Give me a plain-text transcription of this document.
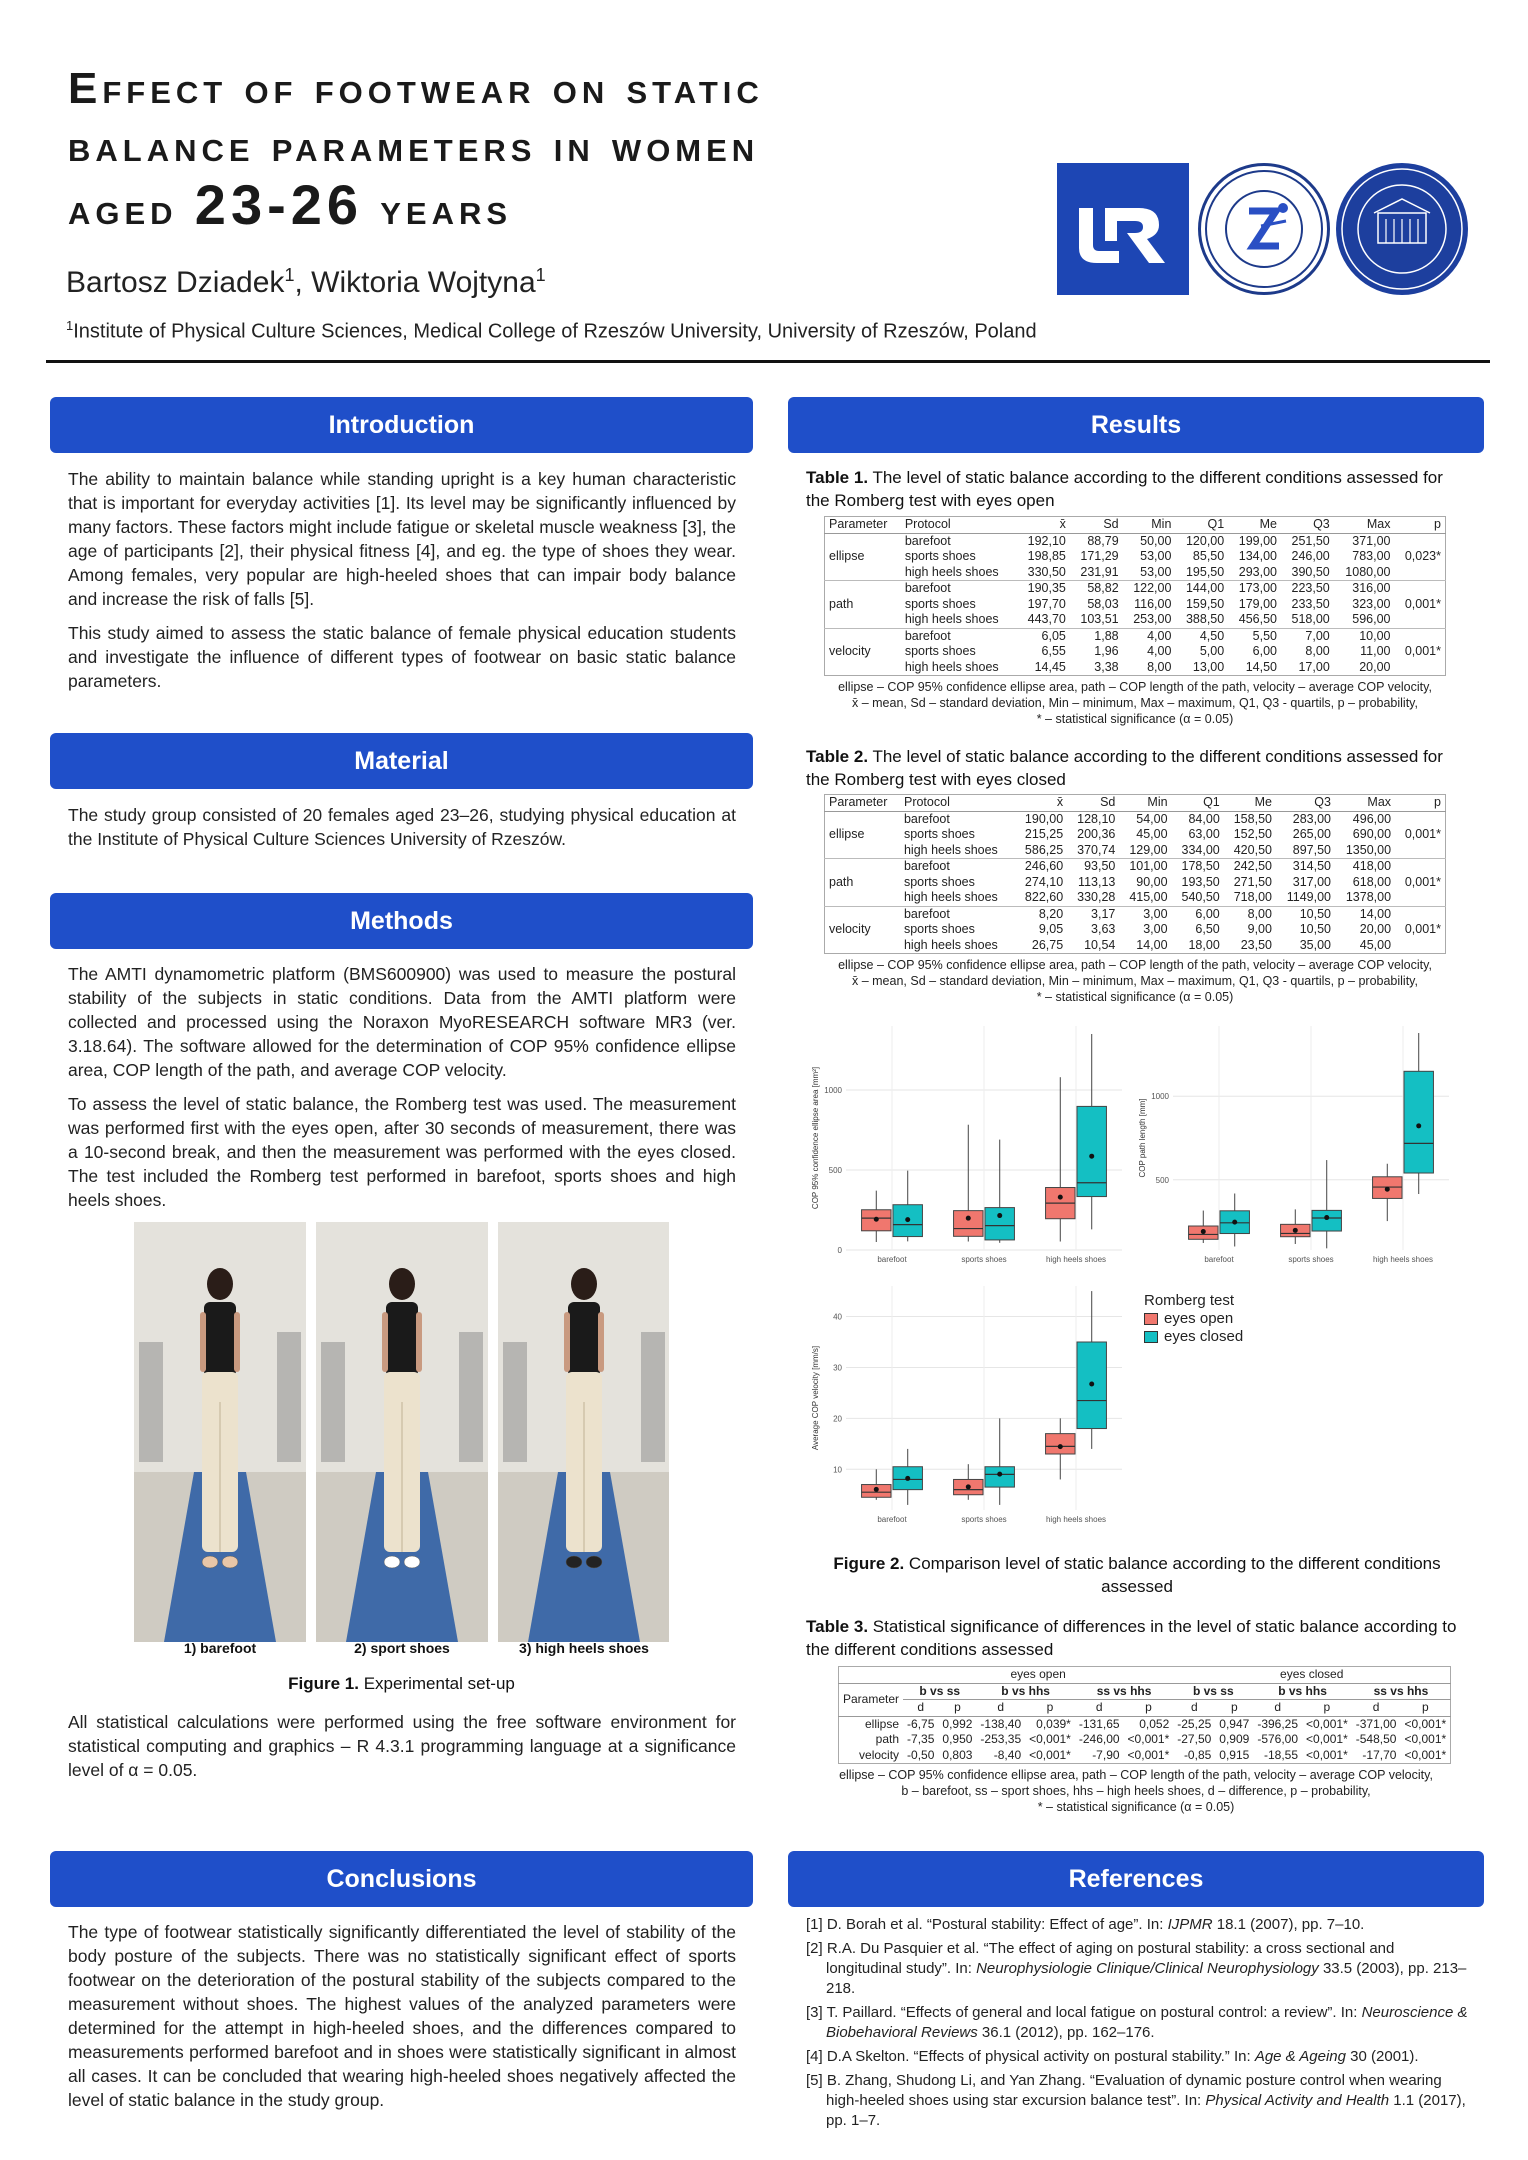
Effect of footwear on static
balance parameters in women
aged 23-26 years
Bartosz Dziadek$^1$, Wiktoria Wojtyna$^1$
$^1$Institute of Physical Culture Sciences, Medical College of Rzeszów University, University of Rzeszów, Poland
Introduction

The ability to maintain balance while standing upright is a key human characteristic that is important for everyday activities [1]. Its level may be significantly influenced by many factors. These factors might include fatigue or skeletal muscle weakness [3], the age of participants [2], their physical fitness [4], and eg. the type of shoes they wear. Among females, very popular are high-heeled shoes that can impair body balance and increase the risk of falls [5].

This study aimed to assess the static balance of female physical education students and investigate the influence of different types of footwear on basic static balance parameters.

Material

The study group consisted of 20 females aged 23–26, studying physical education at the Institute of Physical Culture Sciences University of Rzeszów.

Methods

The AMTI dynamometric platform (BMS600900) was used to measure the postural stability of the subjects in static conditions. Data from the AMTI platform were collected and processed using the Noraxon MyoRESEARCH software MR3 (ver. 3.18.64). The software allowed for the determination of COP 95% confidence ellipse area, COP length of the path, and average COP velocity.

To assess the level of static balance, the Romberg test was used. The measurement was performed first with the eyes open, after 30 seconds of measurement, there was a 10-second break, and then the measurement was performed with the eyes closed. The test included the Romberg test performed in barefoot, sports shoes and high heels shoes.

1) barefoot	2) sport shoes	3) high heels shoes
Figure 1. Experimental set-up

All statistical calculations were performed using the free software environment for statistical computing and graphics – R 4.3.1 programming language at a significance level of α = 0.05.

Conclusions

The type of footwear statistically significantly differentiated the level of stability of the body posture of the subjects. There was no statistically significant effect of sports footwear on the deterioration of the postural stability of the subjects compared to the measurement without shoes. The highest values of the analyzed parameters were determined for the attempt in high-heeled shoes, and the differences compared to measurements performed barefoot and in shoes were statistically significant in almost all cases. It can be concluded that wearing high-heeled shoes negatively affected the level of static balance in the study group.

Results
Table 1. The level of static balance according to the different conditions assessed for the Romberg test with eyes open
Parameter	Protocol	x̄	Sd	Min	Q1	Me	Q3	Max	p
ellipse	barefoot	192,10	88,79	50,00	120,00	199,00	251,50	371,00	0,023*
	sports shoes	198,85	171,29	53,00	85,50	134,00	246,00	783,00	
	high heels shoes	330,50	231,91	53,00	195,50	293,00	390,50	1080,00	
path	barefoot	190,35	58,82	122,00	144,00	173,00	223,50	316,00	0,001*
	sports shoes	197,70	58,03	116,00	159,50	179,00	233,50	323,00	
	high heels shoes	443,70	103,51	253,00	388,50	456,50	518,00	596,00	
velocity	barefoot	6,05	1,88	4,00	4,50	5,50	7,00	10,00	0,001*
	sports shoes	6,55	1,96	4,00	5,00	6,00	8,00	11,00	
	high heels shoes	14,45	3,38	8,00	13,00	14,50	17,00	20,00	
ellipse – COP 95% confidence ellipse area, path – COP length of the path, velocity – average COP velocity,
x̄ – mean, Sd – standard deviation, Min – minimum, Max – maximum, Q1, Q3 - quartils, p – probability,
* – statistical significance (α = 0.05)
Table 2. The level of static balance according to the different conditions assessed for the Romberg test with eyes closed
Parameter	Protocol	x̄	Sd	Min	Q1	Me	Q3	Max	p
ellipse	barefoot	190,00	128,10	54,00	84,00	158,50	283,00	496,00	0,001*
	sports shoes	215,25	200,36	45,00	63,00	152,50	265,00	690,00	
	high heels shoes	586,25	370,74	129,00	334,00	420,50	897,50	1350,00	
path	barefoot	246,60	93,50	101,00	178,50	242,50	314,50	418,00	0,001*
	sports shoes	274,10	113,13	90,00	193,50	271,50	317,00	618,00	
	high heels shoes	822,60	330,28	415,00	540,50	718,00	1149,00	1378,00	
velocity	barefoot	8,20	3,17	3,00	6,00	8,00	10,50	14,00	0,001*
	sports shoes	9,05	3,63	3,00	6,50	9,00	10,50	20,00	
	high heels shoes	26,75	10,54	14,00	18,00	23,50	35,00	45,00	
ellipse – COP 95% confidence ellipse area, path – COP length of the path, velocity – average COP velocity,
x̄ – mean, Sd – standard deviation, Min – minimum, Max – maximum, Q1, Q3 - quartils, p – probability,
* – statistical significance (α = 0.05)
0
500
1000
barefoot	sports shoes	high heels shoes
COP 95% confidence ellipse area [mm²]	500
1000
barefoot	sports shoes	high heels shoes
COP path length [mm]
10
20
30
40
barefoot	sports shoes	high heels shoes
Average COP velocity [mm/s]
Romberg test
eyes open
eyes closed
Figure 2. Comparison level of static balance according to the different conditions assessed
Table 3. Statistical significance of differences in the level of static balance according to the different conditions assessed
	eyes open						eyes closed					
Parameter	b vs ss		b vs hhs		ss vs hhs		b vs ss		b vs hhs		ss vs hhs	
	d	p	d	p	d	p	d	p	d	p	d	p
ellipse	-6,75	0,992	-138,40	0,039*	-131,65	0,052	-25,25	0,947	-396,25	<0,001*	-371,00	<0,001*
path	-7,35	0,950	-253,35	<0,001*	-246,00	<0,001*	-27,50	0,909	-576,00	<0,001*	-548,50	<0,001*
velocity	-0,50	0,803	-8,40	<0,001*	-7,90	<0,001*	-0,85	0,915	-18,55	<0,001*	-17,70	<0,001*
ellipse – COP 95% confidence ellipse area, path – COP length of the path, velocity – average COP velocity,
b – barefoot, ss – sport shoes, hhs – high heels shoes, d – difference, p – probability,
* – statistical significance (α = 0.05)
References
[1] D. Borah et al. “Postural stability: Effect of age”. In: IJPMR 18.1 (2007), pp. 7–10.
[2] R.A. Du Pasquier et al. “The effect of aging on postural stability: a cross sectional and longitudinal study”. In: Neurophysiologie Clinique/Clinical Neurophysiology 33.5 (2003), pp. 213–218.
[3] T. Paillard. “Effects of general and local fatigue on postural control: a review”. In: Neuroscience & Biobehavioral Reviews 36.1 (2012), pp. 162–176.
[4] D.A Skelton. “Effects of physical activity on postural stability.” In: Age & Ageing 30 (2001).
[5] B. Zhang, Shudong Li, and Yan Zhang. “Evaluation of dynamic posture control when wearing high-heeled shoes using star excursion balance test”. In: Physical Activity and Health 1.1 (2017), pp. 1–7.
